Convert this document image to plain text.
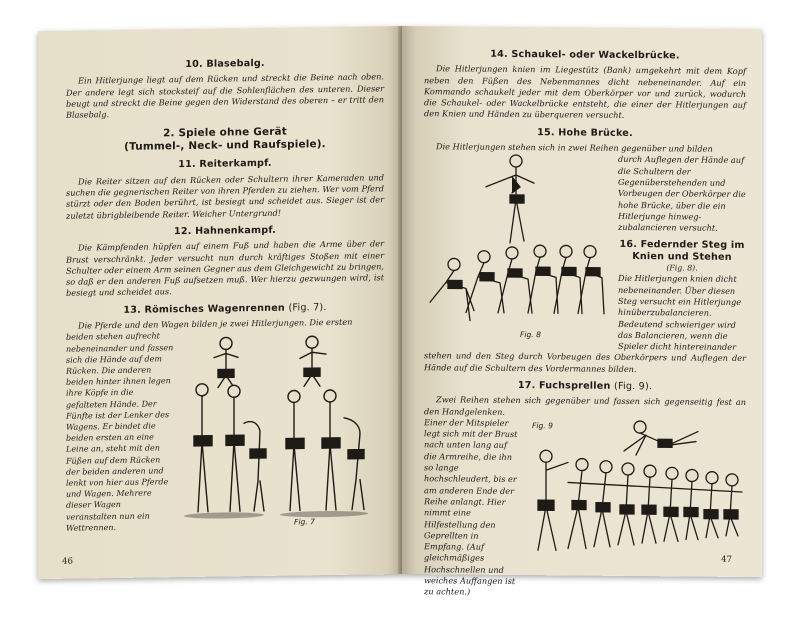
10. Blasebalg.

Ein Hitlerjunge liegt auf dem Rücken und streckt die Beine nach oben. Der andere legt sich stocksteif auf die Sohlenflächen des unteren. Dieser beugt und streckt die Beine gegen den Widerstand des oberen – er tritt den Blasebalg.

2. Spiele ohne Gerät
(Tummel-, Neck- und Raufspiele).
11. Reiterkampf.

Die Reiter sitzen auf den Rücken oder Schultern ihrer Kameraden und suchen die gegnerischen Reiter von ihren Pferden zu ziehen. Wer vom Pferd stürzt oder den Boden berührt, ist besiegt und scheidet aus. Sieger ist der zuletzt übrigbleibende Reiter. Weicher Untergrund!

12. Hahnenkampf.

Die Kämpfenden hüpfen auf einem Fuß und haben die Arme über der Brust verschränkt. Jeder versucht nun durch kräftiges Stoßen mit einer Schulter oder einem Arm seinen Gegner aus dem Gleichgewicht zu bringen, so daß er den anderen Fuß aufsetzen muß. Wer hierzu gezwungen wird, ist besiegt und scheidet aus.

13. Römisches Wagenrennen (Fig. 7).

Die Pferde und den Wagen bilden je zwei Hitlerjungen. Die ersten

beiden stehen aufrecht nebeneinander und fassen sich die Hände auf dem Rücken. Die anderen beiden hinter ihnen legen ihre Köpfe in die gefalteten Hände. Der Fünfte ist der Lenker des Wagens. Er bindet die beiden ersten an eine Leine an, steht mit den Füßen auf dem Rücken der beiden anderen und lenkt von hier aus Pferde und Wagen. Mehrere dieser Wagen veranstalten nun ein Wettrennen.

Fig. 7
46
14. Schaukel- oder Wackelbrücke.

Die Hitlerjungen knien im Liegestütz (Bank) umgekehrt mit dem Kopf neben den Füßen des Nebenmannes dicht nebeneinander. Auf ein Kommando schaukelt jeder mit dem Oberkörper vor und zurück, wodurch die Schaukel- oder Wackelbrücke entsteht, die einer der Hitlerjungen auf den Knien und Händen zu überqueren versucht.

15. Hohe Brücke.

Die Hitlerjungen stehen sich in zwei Reihen gegenüber und bilden

Fig. 8

durch Auflegen der Hände auf die Schultern der Gegenüberstehenden und Vorbeugen der Oberkörper die hohe Brücke, über die ein Hitlerjunge hinweg-zubalancieren versucht.

16. Federnder Steg im Knien und Stehen

(Fig. 8).

Die Hitlerjungen knien dicht nebeneinander. Über diesen Steg versucht ein Hitlerjunge hinüberzubalancieren. Bedeutend schwieriger wird das Balancieren, wenn die Spieler dicht hintereinander

stehen und den Steg durch Vorbeugen des Oberkörpers und Auflegen der Hände auf die Schultern des Vordermannes bilden.

17. Fuchsprellen (Fig. 9).

Zwei Reihen stehen sich gegenüber und fassen sich gegenseitig fest an den Handgelenken.

Einer der Mitspieler legt sich mit der Brust nach unten lang auf die Armreihe, die ihn so lange hochschleudert, bis er am anderen Ende der Reihe anlangt. Hier nimmt eine Hilfestellung den Geprellten in Empfang. (Auf gleichmäßiges Hochschnellen und weiches Auffangen ist zu achten.)

Fig. 9
47
